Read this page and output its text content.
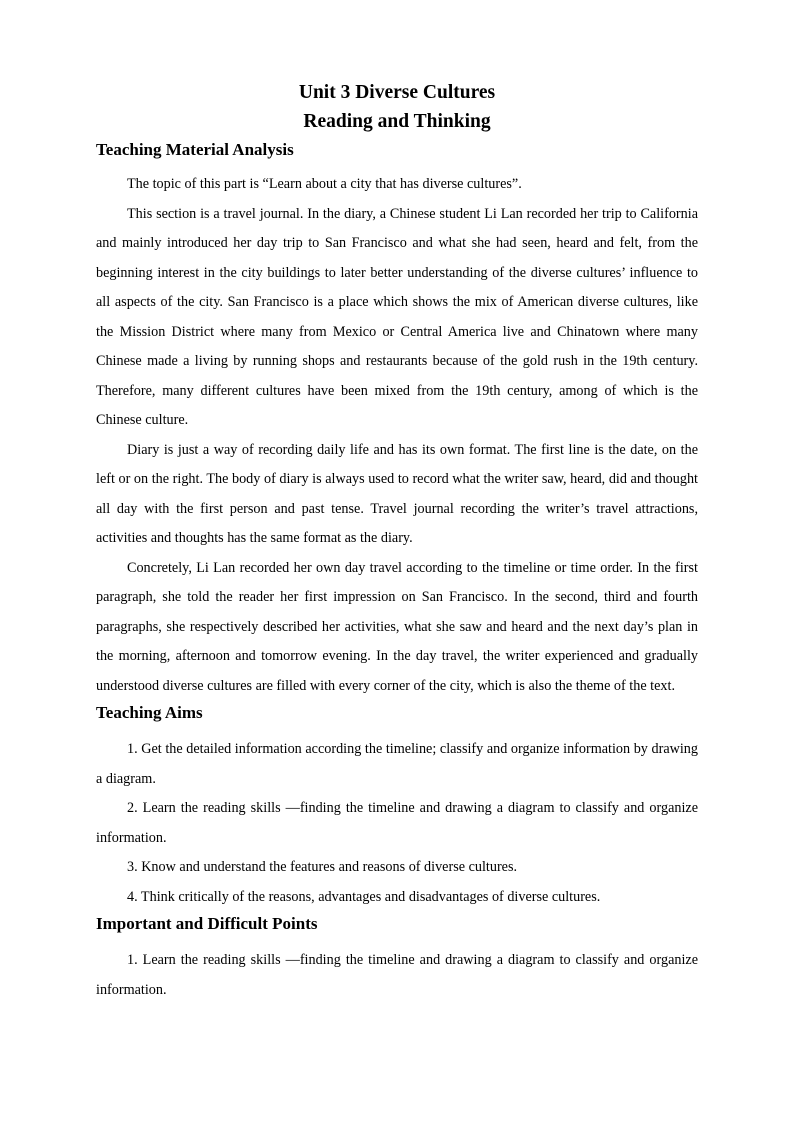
Unit 3 Diverse Cultures
Reading and Thinking
Teaching Material Analysis

The topic of this part is “Learn about a city that has diverse cultures”.

This section is a travel journal. In the diary, a Chinese student Li Lan recorded her trip to California and mainly introduced her day trip to San Francisco and what she had seen, heard and felt, from the beginning interest in the city buildings to later better understanding of the diverse cultures’ influence to all aspects of the city. San Francisco is a place which shows the mix of American diverse cultures, like the Mission District where many from Mexico or Central America live and Chinatown where many Chinese made a living by running shops and restaurants because of the gold rush in the 19th century. Therefore, many different cultures have been mixed from the 19th century, among of which is the Chinese culture.

Diary is just a way of recording daily life and has its own format. The first line is the date, on the left or on the right. The body of diary is always used to record what the writer saw, heard, did and thought all day with the first person and past tense. Travel journal recording the writer’s travel attractions, activities and thoughts has the same format as the diary.

Concretely, Li Lan recorded her own day travel according to the timeline or time order. In the first paragraph, she told the reader her first impression on San Francisco. In the second, third and fourth paragraphs, she respectively described her activities, what she saw and heard and the next day’s plan in the morning, afternoon and tomorrow evening. In the day travel, the writer experienced and gradually understood diverse cultures are filled with every corner of the city, which is also the theme of the text.

Teaching Aims

1. Get the detailed information according the timeline; classify and organize information by drawing a diagram.

2. Learn the reading skills —finding the timeline and drawing a diagram to classify and organize information.

3. Know and understand the features and reasons of diverse cultures.

4. Think critically of the reasons, advantages and disadvantages of diverse cultures.

Important and Difficult Points

1. Learn the reading skills —finding the timeline and drawing a diagram to classify and organize information.
